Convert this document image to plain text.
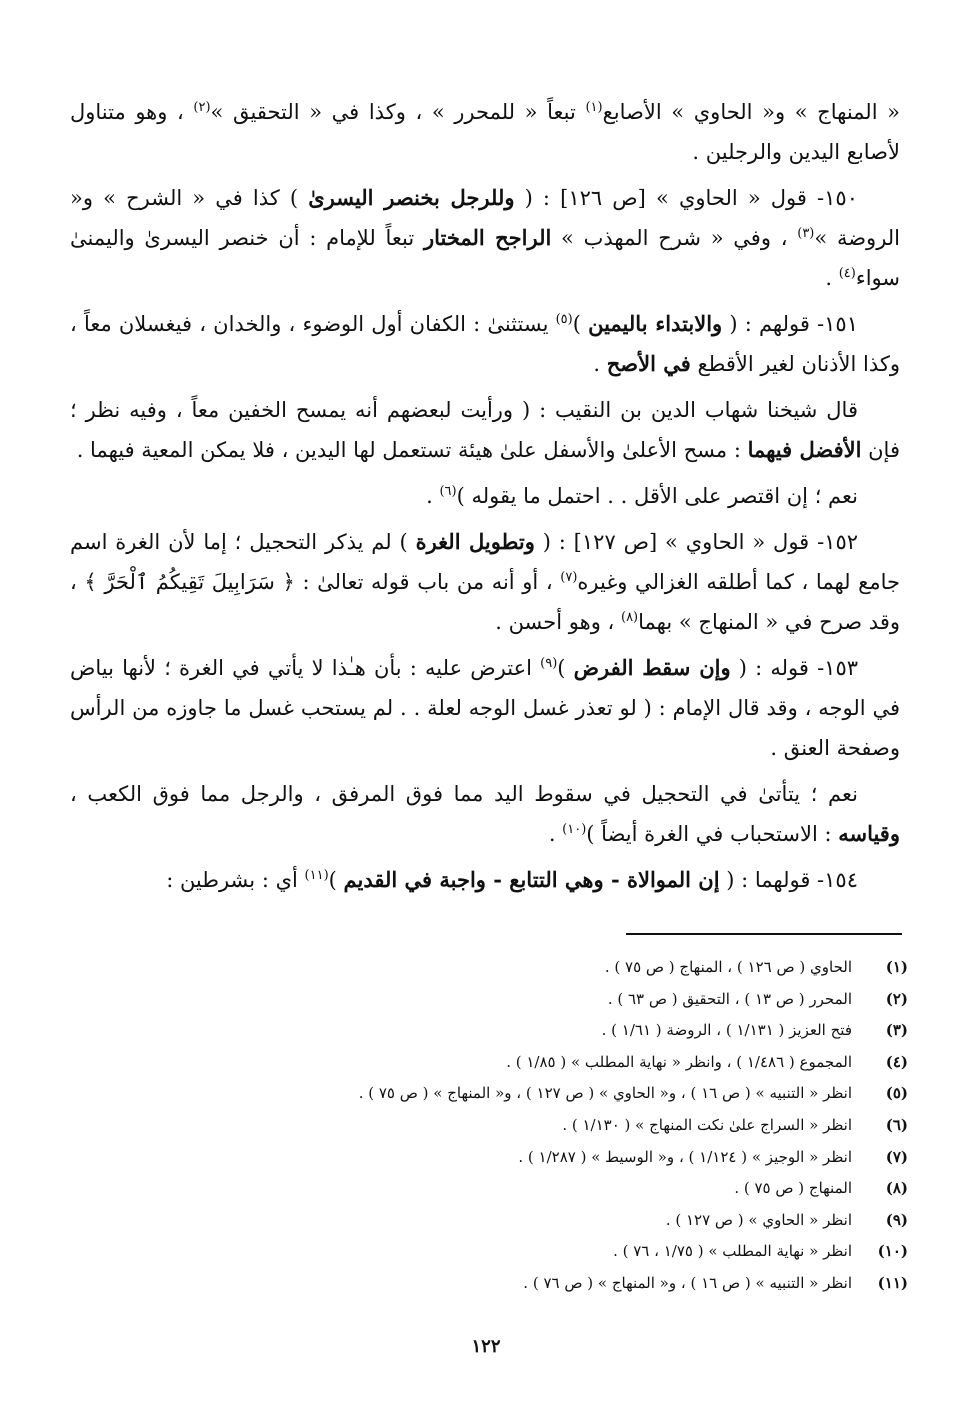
« المنهاج » و« الحاوي » الأصابع$^{(١)}$ تبعاً « للمحرر » ، وكذا في « التحقيق »$^{(٢)}$ ، وهو متناول لأصابع اليدين والرجلين .

١٥٠- قول « الحاوي » [ص ١٢٦] : ( وللرجل بخنصر اليسرىٰ ) كذا في « الشرح » و« الروضة »$^{(٣)}$ ، وفي « شرح المهذب » الراجح المختار تبعاً للإمام : أن خنصر اليسرىٰ واليمنىٰ سواء$^{(٤)}$ .

١٥١- قولهم : ( والابتداء باليمين )$^{(٥)}$ يستثنىٰ : الكفان أول الوضوء ، والخدان ، فيغسلان معاً ، وكذا الأذنان لغير الأقطع في الأصح .

قال شيخنا شهاب الدين بن النقيب : ( ورأيت لبعضهم أنه يمسح الخفين معاً ، وفيه نظر ؛ فإن الأفضل فيهما : مسح الأعلىٰ والأسفل علىٰ هيئة تستعمل لها اليدين ، فلا يمكن المعية فيهما .

نعم ؛ إن اقتصر على الأقل . . احتمل ما يقوله )$^{(٦)}$ .

١٥٢- قول « الحاوي » [ص ١٢٧] : ( وتطويل الغرة ) لم يذكر التحجيل ؛ إما لأن الغرة اسم جامع لهما ، كما أطلقه الغزالي وغيره$^{(٧)}$ ، أو أنه من باب قوله تعالىٰ : ﴿ سَرَابِيلَ تَقِيكُمُ ٱلْحَرَّ ﴾ ، وقد صرح في « المنهاج » بهما$^{(٨)}$ ، وهو أحسن .

١٥٣- قوله : ( وإن سقط الفرض )$^{(٩)}$ اعترض عليه : بأن هـٰذا لا يأتي في الغرة ؛ لأنها بياض في الوجه ، وقد قال الإمام : ( لو تعذر غسل الوجه لعلة . . لم يستحب غسل ما جاوزه من الرأس وصفحة العنق .

نعم ؛ يتأتىٰ في التحجيل في سقوط اليد مما فوق المرفق ، والرجل مما فوق الكعب ، وقياسه : الاستحباب في الغرة أيضاً )$^{(١٠)}$ .

١٥٤- قولهما : ( إن الموالاة - وهي التتابع - واجبة في القديم )$^{(١١)}$ أي : بشرطين :

(١)
الحاوي ( ص ١٢٦ ) ، المنهاج ( ص ٧٥ ) .
(٢)
المحرر ( ص ١٣ ) ، التحقيق ( ص ٦٣ ) .
(٣)
فتح العزيز ( ١/١٣١ ) ، الروضة ( ١/٦١ ) .
(٤)
المجموع ( ١/٤٨٦ ) ، وانظر « نهاية المطلب » ( ١/٨٥ ) .
(٥)
انظر « التنبيه » ( ص ١٦ ) ، و« الحاوي » ( ص ١٢٧ ) ، و« المنهاج » ( ص ٧٥ ) .
(٦)
انظر « السراج علىٰ نكت المنهاج » ( ١/١٣٠ ) .
(٧)
انظر « الوجيز » ( ١/١٢٤ ) ، و« الوسيط » ( ١/٢٨٧ ) .
(٨)
المنهاج ( ص ٧٥ ) .
(٩)
انظر « الحاوي » ( ص ١٢٧ ) .
(١٠)
انظر « نهاية المطلب » ( ١/٧٥ ، ٧٦ ) .
(١١)
انظر « التنبيه » ( ص ١٦ ) ، و« المنهاج » ( ص ٧٦ ) .
١٢٢
